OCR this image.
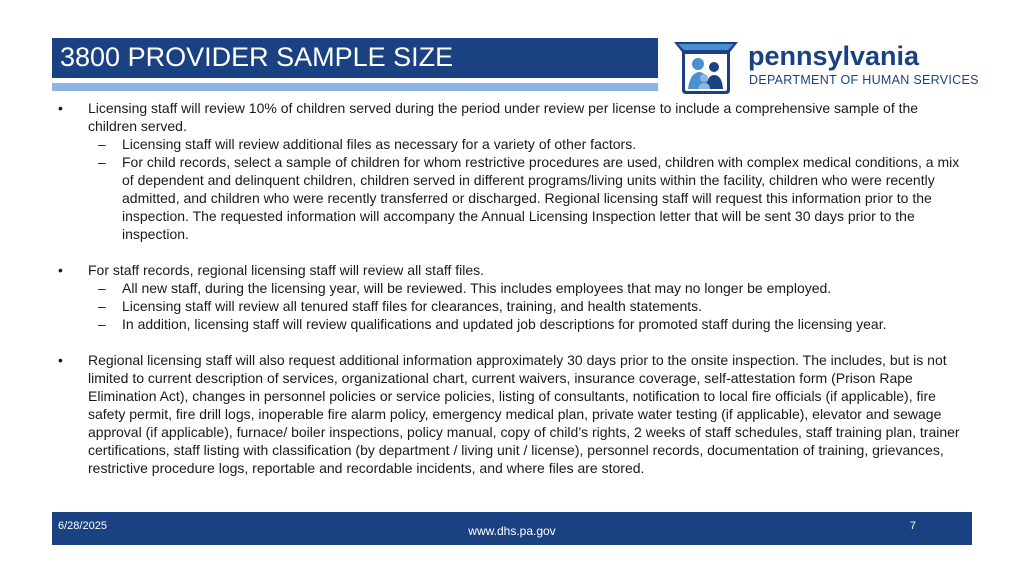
3800 PROVIDER SAMPLE SIZE	pennsylvania
DEPARTMENT OF HUMAN SERVICES
• Licensing staff will review 10% of children served during the period under review per license to include a comprehensive sample of the children served.
– Licensing staff will review additional files as necessary for a variety of other factors.
– For child records, select a sample of children for whom restrictive procedures are used, children with complex medical conditions, a mix of dependent and delinquent children, children served in different programs/living units within the facility, children who were recently admitted, and children who were recently transferred or discharged. Regional licensing staff will request this information prior to the inspection. The requested information will accompany the Annual Licensing Inspection letter that will be sent 30 days prior to the inspection.
• For staff records, regional licensing staff will review all staff files.
– All new staff, during the licensing year, will be reviewed. This includes employees that may no longer be employed.
– Licensing staff will review all tenured staff files for clearances, training, and health statements.
– In addition, licensing staff will review qualifications and updated job descriptions for promoted staff during the licensing year.
• Regional licensing staff will also request additional information approximately 30 days prior to the onsite inspection. The includes, but is not limited to current description of services, organizational chart, current waivers, insurance coverage, self-attestation form (Prison Rape Elimination Act), changes in personnel policies or service policies, listing of consultants, notification to local fire officials (if applicable), fire safety permit, fire drill logs, inoperable fire alarm policy, emergency medical plan, private water testing (if applicable), elevator and sewage approval (if applicable), furnace/ boiler inspections, policy manual, copy of child’s rights, 2 weeks of staff schedules, staff training plan, trainer certifications, staff listing with classification (by department / living unit / license), personnel records, documentation of training, grievances, restrictive procedure logs, reportable and recordable incidents, and where files are stored.
6/28/2025	www.dhs.pa.gov	7
